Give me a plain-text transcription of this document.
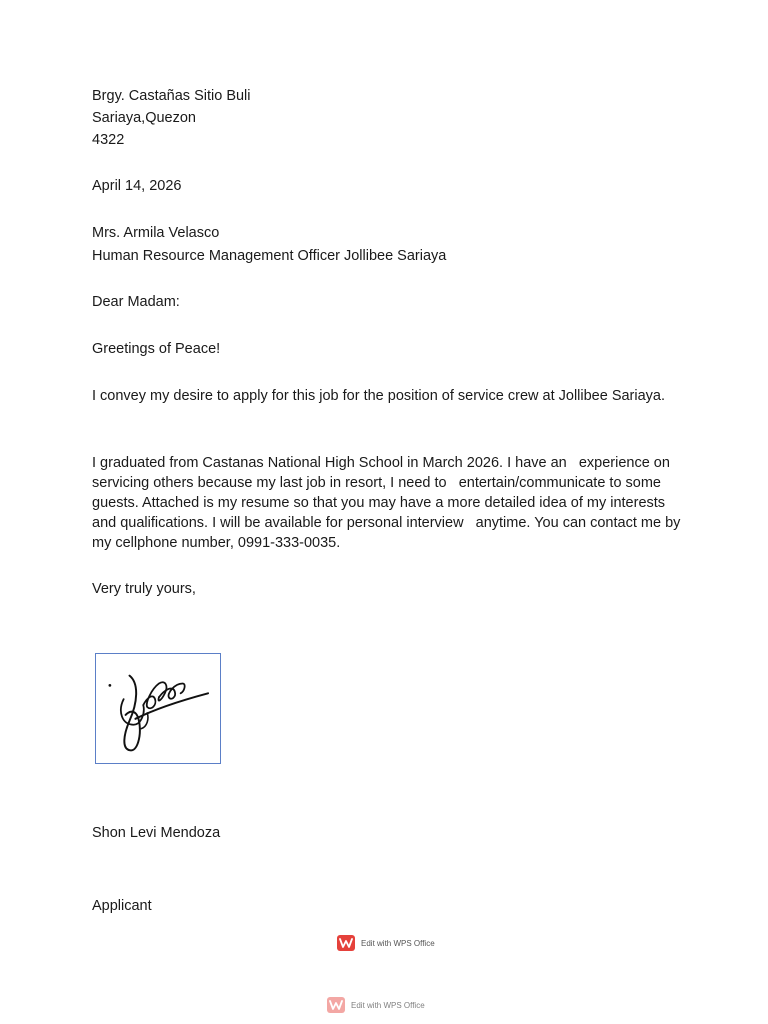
Brgy. Castañas Sitio Buli
Sariaya,Quezon
4322
April 14, 2026
Mrs. Armila Velasco
Human Resource Management Officer Jollibee Sariaya
Dear Madam:
Greetings of Peace!
I convey my desire to apply for this job for the position of service crew at Jollibee Sariaya.
I graduated from Castanas National High School in March 2026. I have an   experience on servicing others because my last job in resort, I need to   entertain/communicate to some guests. Attached is my resume so that you may have a more detailed idea of my interests and qualifications. I will be available for personal interview   anytime. You can contact me by my cellphone number, 0991-333-0035.
Very truly yours,
Shon Levi Mendoza
Applicant
Edit with WPS Office
Edit with WPS Office
